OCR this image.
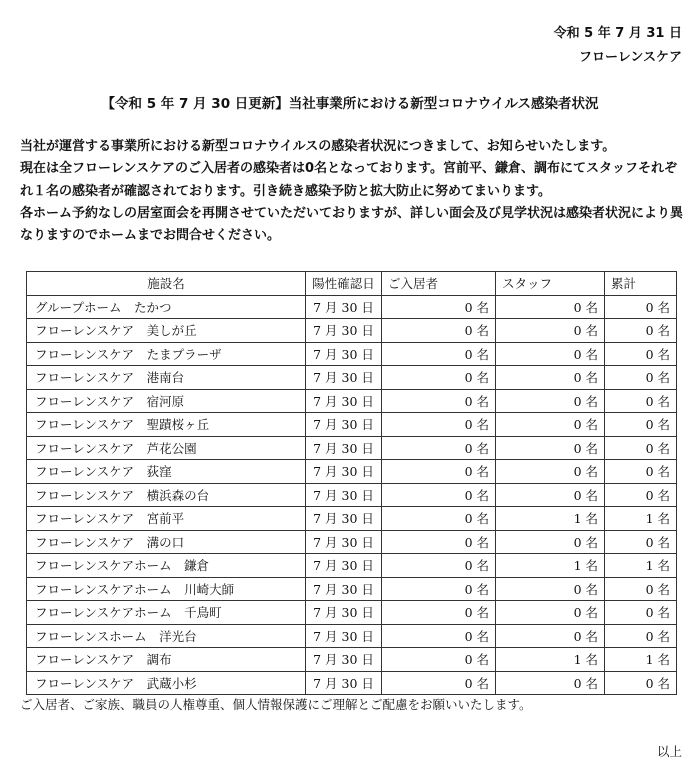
令和 5 年 7 月 31 日
フローレンスケア
【令和 5 年 7 月 30 日更新】当社事業所における新型コロナウイルス感染者状況

当社が運営する事業所における新型コロナウイルスの感染者状況につきまして、お知らせいたします。

現在は全フローレンスケアのご入居者の感染者は0名となっております。宮前平、鎌倉、調布にてスタッフそれぞれ１名の感染者が確認されております。引き続き感染予防と拡大防止に努めてまいります。

各ホーム予約なしの居室面会を再開させていただいておりますが、詳しい面会及び見学状況は感染者状況により異なりますのでホームまでお問合せください。

施設名	陽性確認日	ご入居者	スタッフ	累計
グループホーム　たかつ	7 月 30 日	0 名	0 名	0 名
フローレンスケア　美しが丘	7 月 30 日	0 名	0 名	0 名
フローレンスケア　たまプラーザ	7 月 30 日	0 名	0 名	0 名
フローレンスケア　港南台	7 月 30 日	0 名	0 名	0 名
フローレンスケア　宿河原	7 月 30 日	0 名	0 名	0 名
フローレンスケア　聖蹟桜ヶ丘	7 月 30 日	0 名	0 名	0 名
フローレンスケア　芦花公園	7 月 30 日	0 名	0 名	0 名
フローレンスケア　荻窪	7 月 30 日	0 名	0 名	0 名
フローレンスケア　横浜森の台	7 月 30 日	0 名	0 名	0 名
フローレンスケア　宮前平	7 月 30 日	0 名	1 名	1 名
フローレンスケア　溝の口	7 月 30 日	0 名	0 名	0 名
フローレンスケアホーム　鎌倉	7 月 30 日	0 名	1 名	1 名
フローレンスケアホーム　川崎大師	7 月 30 日	0 名	0 名	0 名
フローレンスケアホーム　千鳥町	7 月 30 日	0 名	0 名	0 名
フローレンスホーム　洋光台	7 月 30 日	0 名	0 名	0 名
フローレンスケア　調布	7 月 30 日	0 名	1 名	1 名
フローレンスケア　武蔵小杉	7 月 30 日	0 名	0 名	0 名
ご入居者、ご家族、職員の人権尊重、個人情報保護にご理解とご配慮をお願いいたします。
以上
